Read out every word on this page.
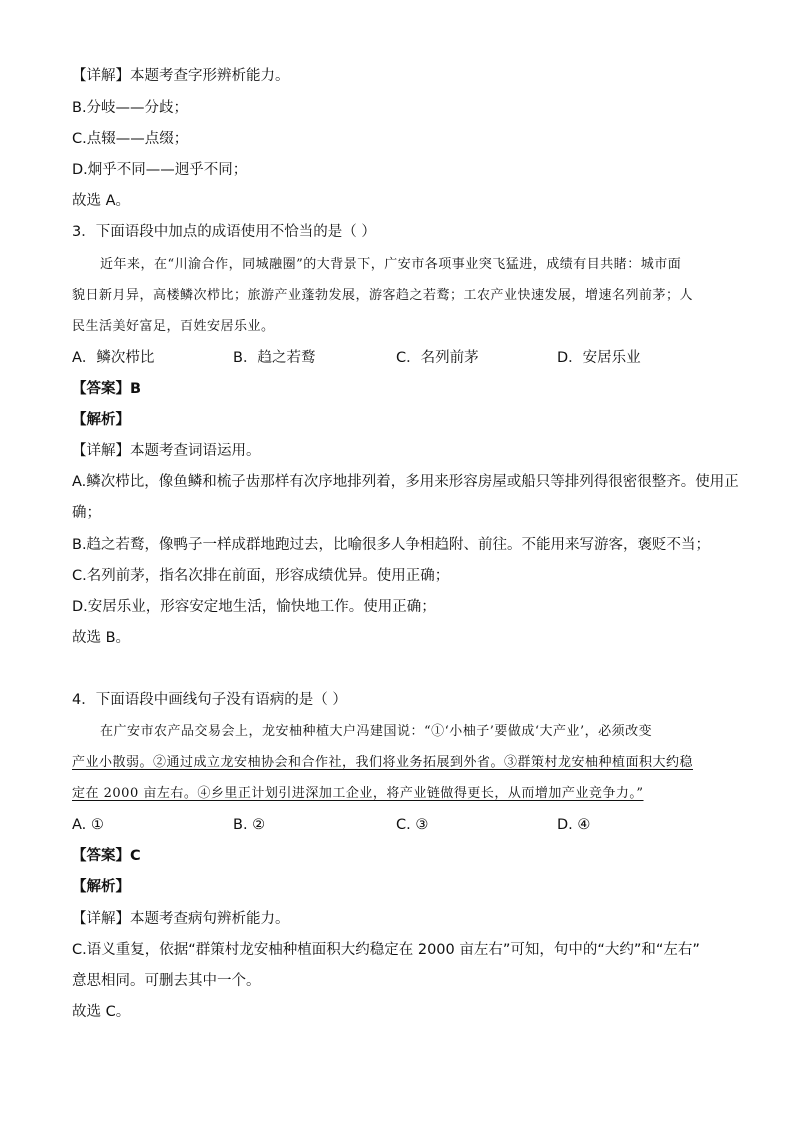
【详解】本题考查字形辨析能力。
B.分岐——分歧；
C.点辍——点缀；
D.炯乎不同——迥乎不同；
故选 A。
3．下面语段中加点的成语使用不恰当的是（ ）
近年来，在“川渝合作，同城融圈”的大背景下，广安市各项事业突飞猛进，成绩有目共睹：城市面
貌日新月异，高楼鳞次栉比；旅游产业蓬勃发展，游客趋之若鹜；工农产业快速发展，增速名列前茅；人
民生活美好富足，百姓安居乐业。
A．鳞次栉比	B．趋之若鹜	C．名列前茅	D．安居乐业
【答案】B
【解析】
【详解】本题考查词语运用。
A.鳞次栉比，像鱼鳞和梳子齿那样有次序地排列着，多用来形容房屋或船只等排列得很密很整齐。使用正
确；
B.趋之若鹜，像鸭子一样成群地跑过去，比喻很多人争相趋附、前往。不能用来写游客，褒贬不当；
C.名列前茅，指名次排在前面，形容成绩优异。使用正确；
D.安居乐业，形容安定地生活，愉快地工作。使用正确；
故选 B。
4．下面语段中画线句子没有语病的是（ ）
在广安市农产品交易会上，龙安柚种植大户冯建国说：“①‘小柚子’要做成‘大产业’，必须改变
产业小散弱。②通过成立龙安柚协会和合作社，我们将业务拓展到外省。③群策村龙安柚种植面积大约稳
定在 2000 亩左右。④乡里正计划引进深加工企业，将产业链做得更长，从而增加产业竞争力。”
A. ①	B. ②	C. ③	D. ④
【答案】C
【解析】
【详解】本题考查病句辨析能力。
C.语义重复，依据“群策村龙安柚种植面积大约稳定在 2000 亩左右”可知，句中的“大约”和“左右”
意思相同。可删去其中一个。
故选 C。
